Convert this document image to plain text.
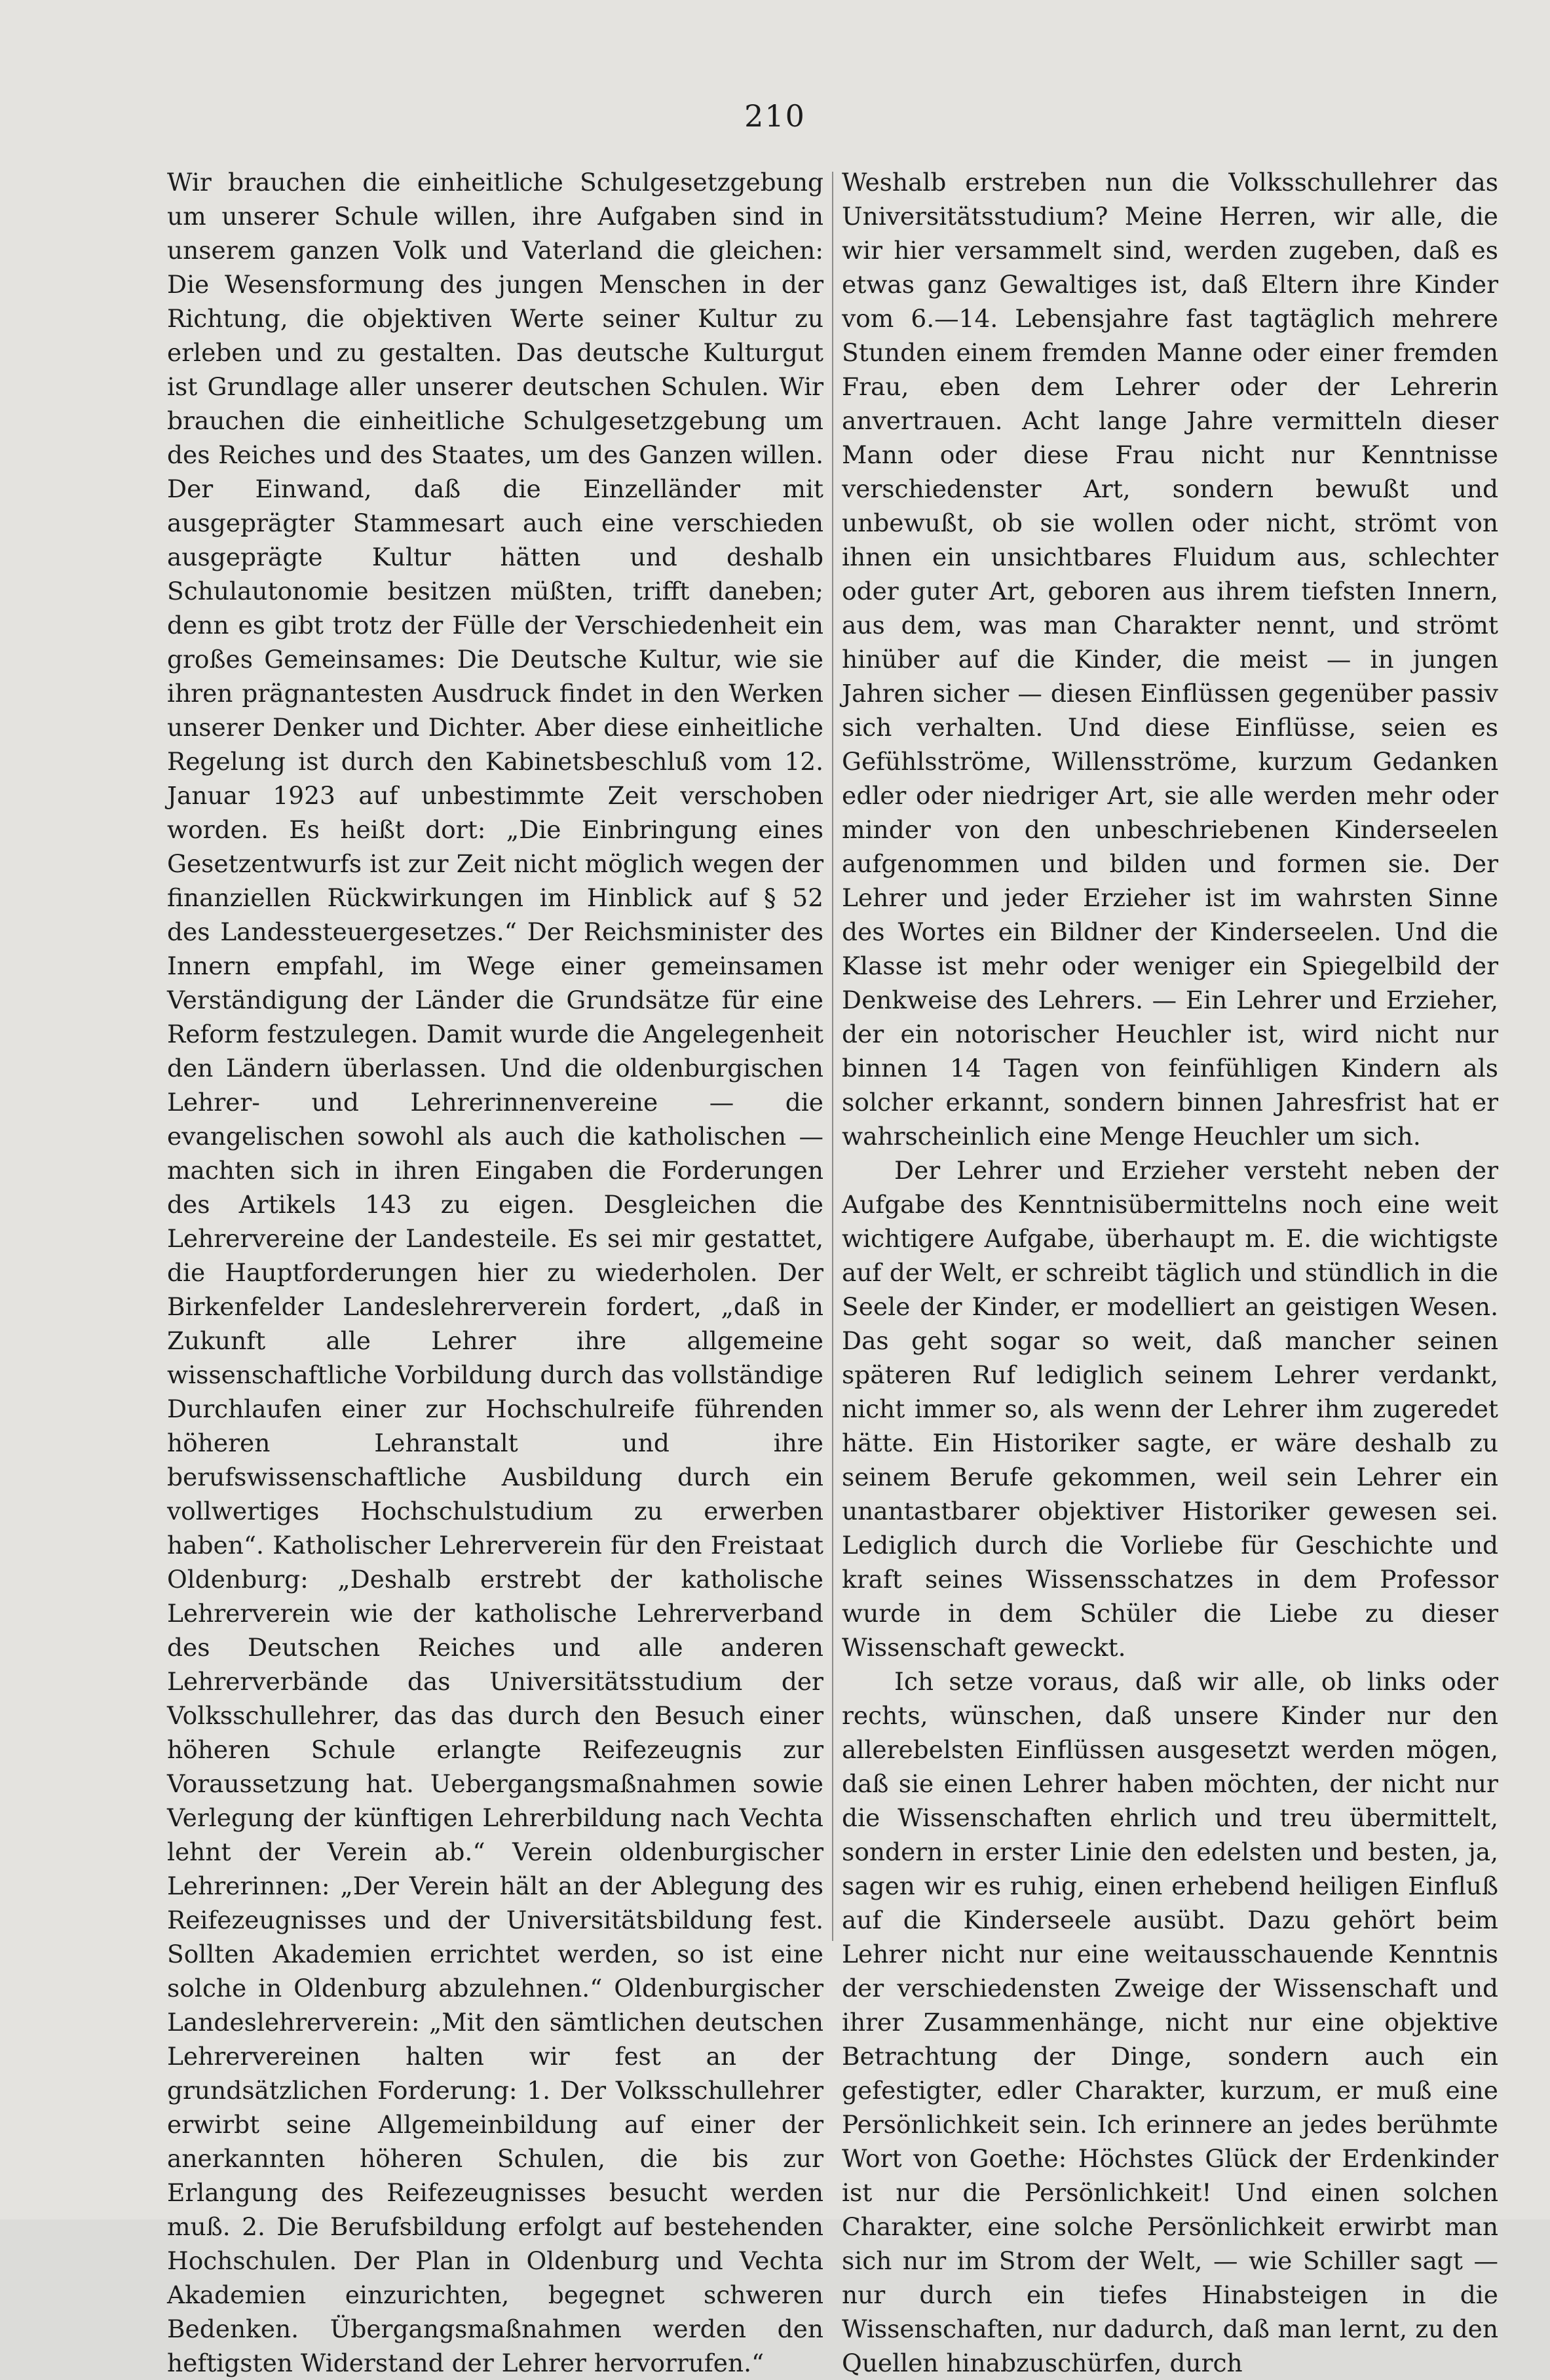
210

Wir brauchen die einheitliche Schulgesetzgebung um unserer Schule willen, ihre Aufgaben sind in unserem ganzen Volk und Vaterland die gleichen: Die Wesensformung des jungen Menschen in der Richtung, die objektiven Werte seiner Kultur zu erleben und zu gestalten. Das deutsche Kulturgut ist Grundlage aller unserer deutschen Schulen. Wir brauchen die einheitliche Schulgesetzgebung um des Reiches und des Staates, um des Ganzen willen. Der Einwand, daß die Einzelländer mit ausgeprägter Stammesart auch eine verschieden ausgeprägte Kultur hätten und deshalb Schulautonomie besitzen müßten, trifft daneben; denn es gibt trotz der Fülle der Verschiedenheit ein großes Gemeinsames: Die Deutsche Kultur, wie sie ihren prägnantesten Ausdruck findet in den Werken unserer Denker und Dichter. Aber diese einheitliche Regelung ist durch den Kabinetsbeschluß vom 12. Januar 1923 auf unbestimmte Zeit verschoben worden. Es heißt dort: „Die Einbringung eines Gesetzentwurfs ist zur Zeit nicht möglich wegen der finanziellen Rückwirkungen im Hinblick auf § 52 des Landessteuergesetzes.“ Der Reichsminister des Innern empfahl, im Wege einer gemeinsamen Verständigung der Länder die Grundsätze für eine Reform festzulegen. Damit wurde die Angelegenheit den Ländern überlassen. Und die oldenburgischen Lehrer- und Lehrerinnenvereine — die evangelischen sowohl als auch die katholischen — machten sich in ihren Eingaben die Forderungen des Artikels 143 zu eigen. Desgleichen die Lehrervereine der Landesteile. Es sei mir gestattet, die Hauptforderungen hier zu wiederholen. Der Birkenfelder Landeslehrerverein fordert, „daß in Zukunft alle Lehrer ihre allgemeine wissenschaftliche Vorbildung durch das vollständige Durchlaufen einer zur Hochschulreife führenden höheren Lehranstalt und ihre berufswissenschaftliche Ausbildung durch ein vollwertiges Hochschulstudium zu erwerben haben“. Katholischer Lehrerverein für den Freistaat Oldenburg: „Deshalb erstrebt der katholische Lehrerverein wie der katholische Lehrerverband des Deutschen Reiches und alle anderen Lehrerverbände das Universitätsstudium der Volksschullehrer, das das durch den Besuch einer höheren Schule erlangte Reifezeugnis zur Voraussetzung hat. Uebergangsmaßnahmen sowie Verlegung der künftigen Lehrerbildung nach Vechta lehnt der Verein ab.“ Verein oldenburgischer Lehrerinnen: „Der Verein hält an der Ablegung des Reifezeugnisses und der Universitätsbildung fest. Sollten Akademien errichtet werden, so ist eine solche in Oldenburg abzulehnen.“ Oldenburgischer Landeslehrerverein: „Mit den sämtlichen deutschen Lehrervereinen halten wir fest an der grundsätzlichen Forderung: 1. Der Volksschullehrer erwirbt seine Allgemeinbildung auf einer der anerkannten höheren Schulen, die bis zur Erlangung des Reifezeugnisses besucht werden muß. 2. Die Berufsbildung erfolgt auf bestehenden Hochschulen. Der Plan in Oldenburg und Vechta Akademien einzurichten, begegnet schweren Bedenken. Übergangsmaßnahmen werden den heftigsten Widerstand der Lehrer hervorrufen.“

Weshalb erstreben nun die Volksschullehrer das Universitätsstudium? Meine Herren, wir alle, die wir hier versammelt sind, werden zugeben, daß es etwas ganz Gewaltiges ist, daß Eltern ihre Kinder vom 6.—14. Lebensjahre fast tagtäglich mehrere Stunden einem fremden Manne oder einer fremden Frau, eben dem Lehrer oder der Lehrerin anvertrauen. Acht lange Jahre vermitteln dieser Mann oder diese Frau nicht nur Kenntnisse verschiedenster Art, sondern bewußt und unbewußt, ob sie wollen oder nicht, strömt von ihnen ein unsichtbares Fluidum aus, schlechter oder guter Art, geboren aus ihrem tiefsten Innern, aus dem, was man Charakter nennt, und strömt hinüber auf die Kinder, die meist — in jungen Jahren sicher — diesen Einflüssen gegenüber passiv sich verhalten. Und diese Einflüsse, seien es Gefühlsströme, Willensströme, kurzum Gedanken edler oder niedriger Art, sie alle werden mehr oder minder von den unbeschriebenen Kinderseelen aufgenommen und bilden und formen sie. Der Lehrer und jeder Erzieher ist im wahrsten Sinne des Wortes ein Bildner der Kinderseelen. Und die Klasse ist mehr oder weniger ein Spiegelbild der Denkweise des Lehrers. — Ein Lehrer und Erzieher, der ein notorischer Heuchler ist, wird nicht nur binnen 14 Tagen von feinfühligen Kindern als solcher erkannt, sondern binnen Jahresfrist hat er wahrscheinlich eine Menge Heuchler um sich.

Der Lehrer und Erzieher versteht neben der Aufgabe des Kenntnisübermittelns noch eine weit wichtigere Aufgabe, überhaupt m. E. die wichtigste auf der Welt, er schreibt täglich und stündlich in die Seele der Kinder, er modelliert an geistigen Wesen. Das geht sogar so weit, daß mancher seinen späteren Ruf lediglich seinem Lehrer verdankt, nicht immer so, als wenn der Lehrer ihm zugeredet hätte. Ein Historiker sagte, er wäre deshalb zu seinem Berufe gekommen, weil sein Lehrer ein unantastbarer objektiver Historiker gewesen sei. Lediglich durch die Vorliebe für Geschichte und kraft seines Wissensschatzes in dem Professor wurde in dem Schüler die Liebe zu dieser Wissenschaft geweckt.

Ich setze voraus, daß wir alle, ob links oder rechts, wünschen, daß unsere Kinder nur den allerebelsten Einflüssen ausgesetzt werden mögen, daß sie einen Lehrer haben möchten, der nicht nur die Wissenschaften ehrlich und treu übermittelt, sondern in erster Linie den edelsten und besten, ja, sagen wir es ruhig, einen erhebend heiligen Einfluß auf die Kinderseele ausübt. Dazu gehört beim Lehrer nicht nur eine weitausschauende Kenntnis der verschiedensten Zweige der Wissenschaft und ihrer Zusammenhänge, nicht nur eine objektive Betrachtung der Dinge, sondern auch ein gefestigter, edler Charakter, kurzum, er muß eine Persönlichkeit sein. Ich erinnere an jedes berühmte Wort von Goethe: Höchstes Glück der Erdenkinder ist nur die Persönlichkeit! Und einen solchen Charakter, eine solche Persönlichkeit erwirbt man sich nur im Strom der Welt, — wie Schiller sagt — nur durch ein tiefes Hinabsteigen in die Wissenschaften, nur dadurch, daß man lernt, zu den Quellen hinabzuschürfen, durch
